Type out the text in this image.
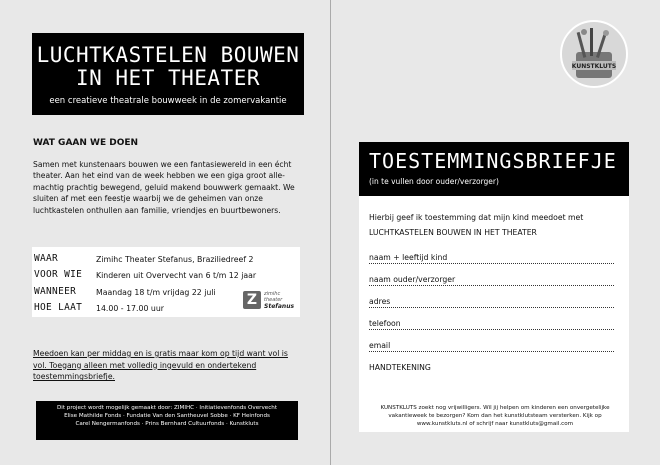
LUCHTKASTELEN BOUWEN
IN HET THEATER
een creatieve theatrale bouwweek in de zomervakantie
WAT GAAN WE DOEN
Samen met kunstenaars bouwen we een fantasiewereld in een écht theater. Aan het eind van de week hebben we een giga groot alle-machtig prachtig bewegend, geluid makend bouwwerk gemaakt. We sluiten af met een feestje waarbij we de geheimen van onze luchtkastelen onthullen aan familie, vriendjes en buurtbewoners.
WAAR	Zimihc Theater Stefanus, Braziliedreef 2
VOOR WIE Kinderen uit Overvecht van 6 t/m 12 jaar
WANNEER	Maandag 18 t/m vrijdag 22 juli
HOE LAAT 14.00 - 17.00 uur
Z	zimihc
theater
Stefanus
Meedoen kan per middag en is gratis maar kom op tijd want vol is vol. Toegang alleen met volledig ingevuld en ondertekend toestemmingsbriefje.
Dit project wordt mogelijk gemaakt door: ZIMIHC · Initiatievenfonds Overvecht
Elise Mathilde Fonds · Fundatie Van den Santheuvel Sobbe · KF Heinfonds
Carel Nengermanfonds · Prins Bernhard Cultuurfonds · Kunstkluts
KUNSTKLUTS
TOESTEMMINGSBRIEFJE
(in te vullen door ouder/verzorger)
Hierbij geef ik toestemming dat mijn kind meedoet met LUCHTKASTELEN BOUWEN IN HET THEATER
naam + leeftijd kind
naam ouder/verzorger
adres
telefoon
email
HANDTEKENING
KUNSTKLUTS zoekt nog vrijwilligers. Wil jij helpen om kinderen een onvergetelijke vakantieweek te bezorgen? Kom dan het kunstklutsteam versterken. Kijk op www.kunstkluts.nl of schrijf naar kunstkluts@gmail.com
